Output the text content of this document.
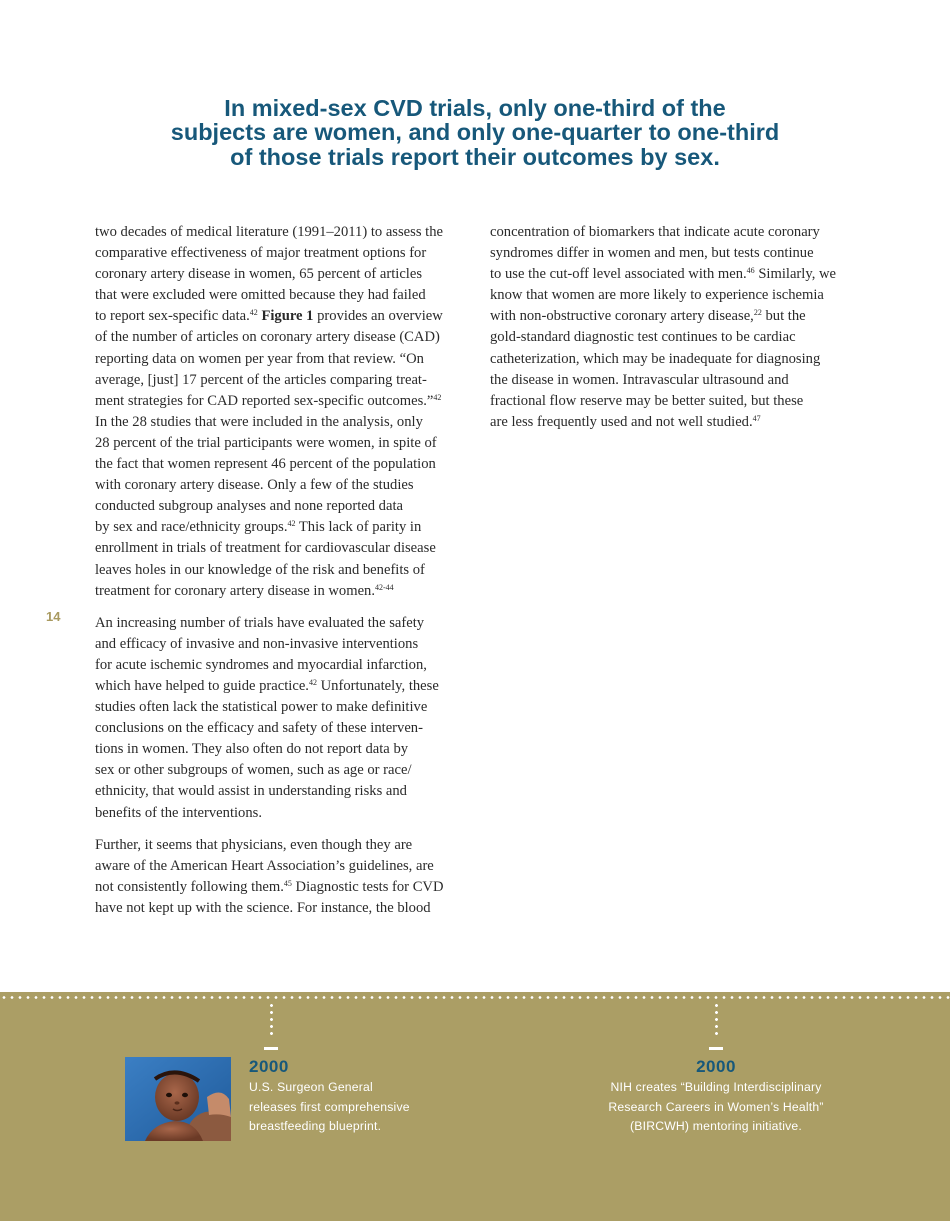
In mixed-sex CVD trials, only one-third of the
subjects are women, and only one-quarter to one-third
of those trials report their outcomes by sex.

two decades of medical literature (1991–2011) to assess the
comparative effectiveness of major treatment options for
coronary artery disease in women, 65 percent of articles
that were excluded were omitted because they had failed
to report sex-specific data.$^{42}$ Figure 1 provides an overview
of the number of articles on coronary artery disease (CAD)
reporting data on women per year from that review. “On
average, [just] 17 percent of the articles comparing treat-
ment strategies for CAD reported sex-specific outcomes.”$^{42}$
In the 28 studies that were included in the analysis, only
28 percent of the trial participants were women, in spite of
the fact that women represent 46 percent of the population
with coronary artery disease. Only a few of the studies
conducted subgroup analyses and none reported data
by sex and race/ethnicity groups.$^{42}$ This lack of parity in
enrollment in trials of treatment for cardiovascular disease
leaves holes in our knowledge of the risk and benefits of
treatment for coronary artery disease in women.$^{42-44}$

An increasing number of trials have evaluated the safety
and efficacy of invasive and non-invasive interventions
for acute ischemic syndromes and myocardial infarction,
which have helped to guide practice.$^{42}$ Unfortunately, these
studies often lack the statistical power to make definitive
conclusions on the efficacy and safety of these interven-
tions in women. They also often do not report data by
sex or other subgroups of women, such as age or race/
ethnicity, that would assist in understanding risks and
benefits of the interventions.

Further, it seems that physicians, even though they are
aware of the American Heart Association’s guidelines, are
not consistently following them.$^{45}$ Diagnostic tests for CVD
have not kept up with the science. For instance, the blood

concentration of biomarkers that indicate acute coronary
syndromes differ in women and men, but tests continue
to use the cut-off level associated with men.$^{46}$ Similarly, we
know that women are more likely to experience ischemia
with non-obstructive coronary artery disease,$^{22}$ but the
gold-standard diagnostic test continues to be cardiac
catheterization, which may be inadequate for diagnosing
the disease in women. Intravascular ultrasound and
fractional flow reserve may be better suited, but these
are less frequently used and not well studied.$^{47}$

14
2000
U.S. Surgeon General
releases first comprehensive
breastfeeding blueprint.
2000
NIH creates “Building Interdisciplinary
Research Careers in Women’s Health”
(BIRCWH) mentoring initiative.
